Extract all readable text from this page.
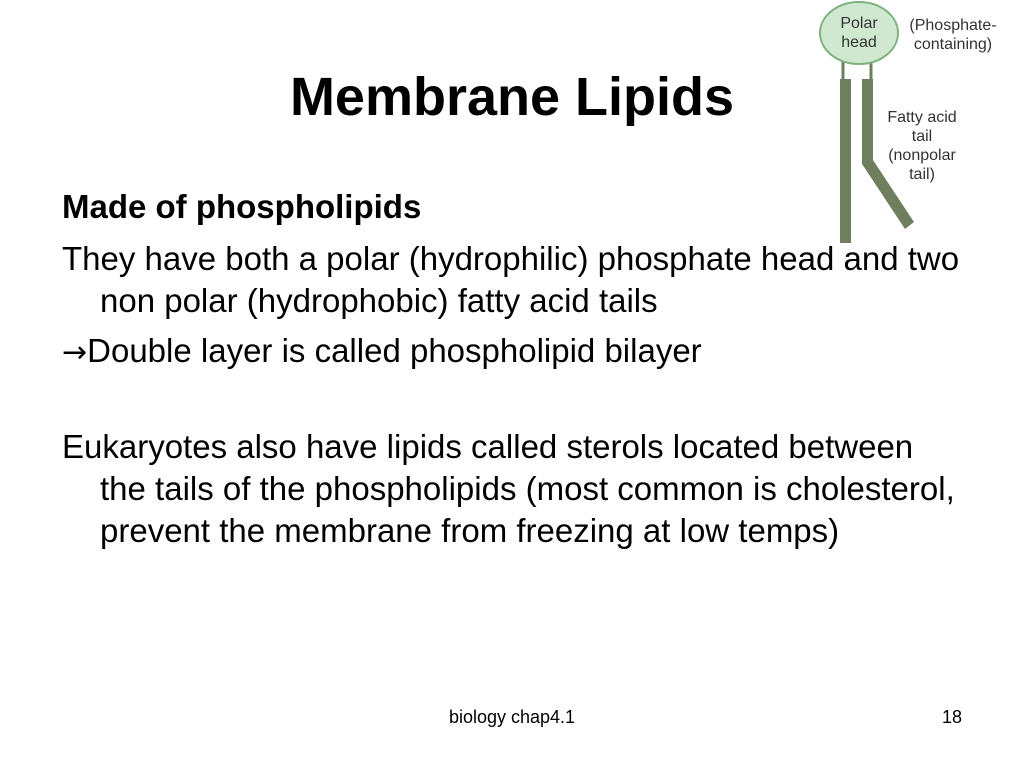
Membrane Lipids
Polar
head
(Phosphate-
containing)
Fatty acid
tail
(nonpolar
tail)

Made of phospholipids

They have both a polar (hydrophilic) phosphate head and two non polar (hydrophobic) fatty acid tails

→Double layer is called phospholipid bilayer

Eukaryotes also have lipids called sterols located between the tails of the phospholipids (most common is cholesterol, prevent the membrane from freezing at low temps)

biology chap4.1	18
